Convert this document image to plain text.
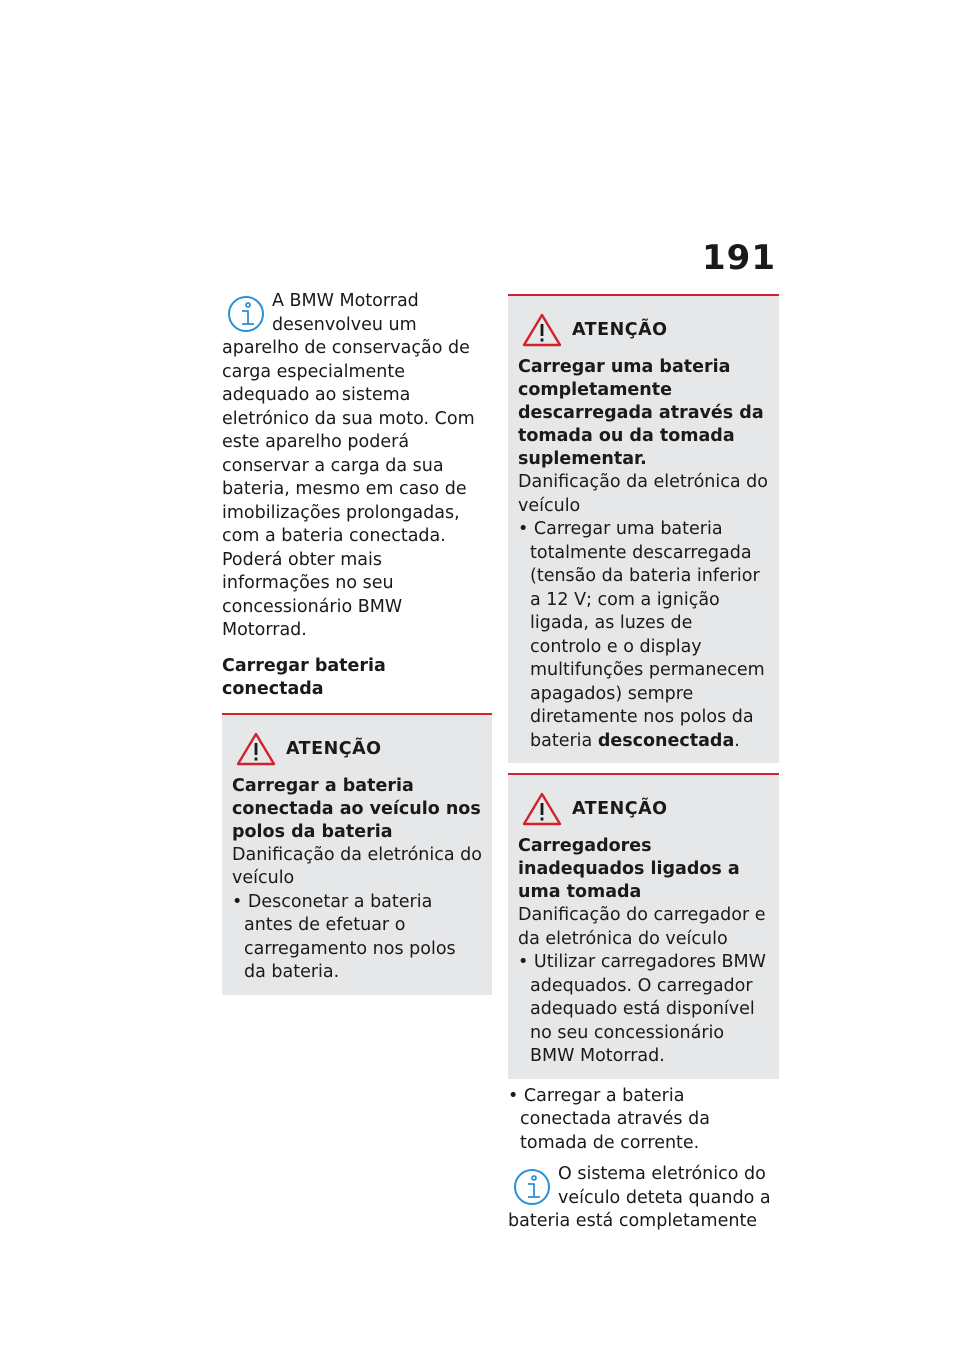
191

A BMW Motorrad desenvolveu um aparelho de conservação de carga especialmente adequado ao sistema eletrónico da sua moto. Com este aparelho poderá conservar a carga da sua bateria, mesmo em caso de imobilizações prolongadas, com a bateria conectada. Poderá obter mais informações no seu concessionário BMW Motorrad.

Carregar bateria conectada
ATENÇÃO

Carregar a bateria conectada ao veículo nos polos da bateria

Danificação da eletrónica do veículo

• Desconetar a bateria antes de efetuar o carregamento nos polos da bateria.

ATENÇÃO

Carregar uma bateria completamente descarregada através da tomada ou da tomada suplementar.

Danificação da eletrónica do veículo

• Carregar uma bateria totalmente descarregada (tensão da bateria inferior a 12 V; com a ignição ligada, as luzes de controlo e o display multifunções permanecem apagados) sempre diretamente nos polos da bateria desconectada.

ATENÇÃO

Carregadores inadequados ligados a uma tomada

Danificação do carregador e da eletrónica do veículo

• Utilizar carregadores BMW adequados. O carregador adequado está disponível no seu concessionário BMW Motorrad.

• Carregar a bateria conectada através da tomada de corrente.

O sistema eletrónico do veículo deteta quando a bateria está completamente
